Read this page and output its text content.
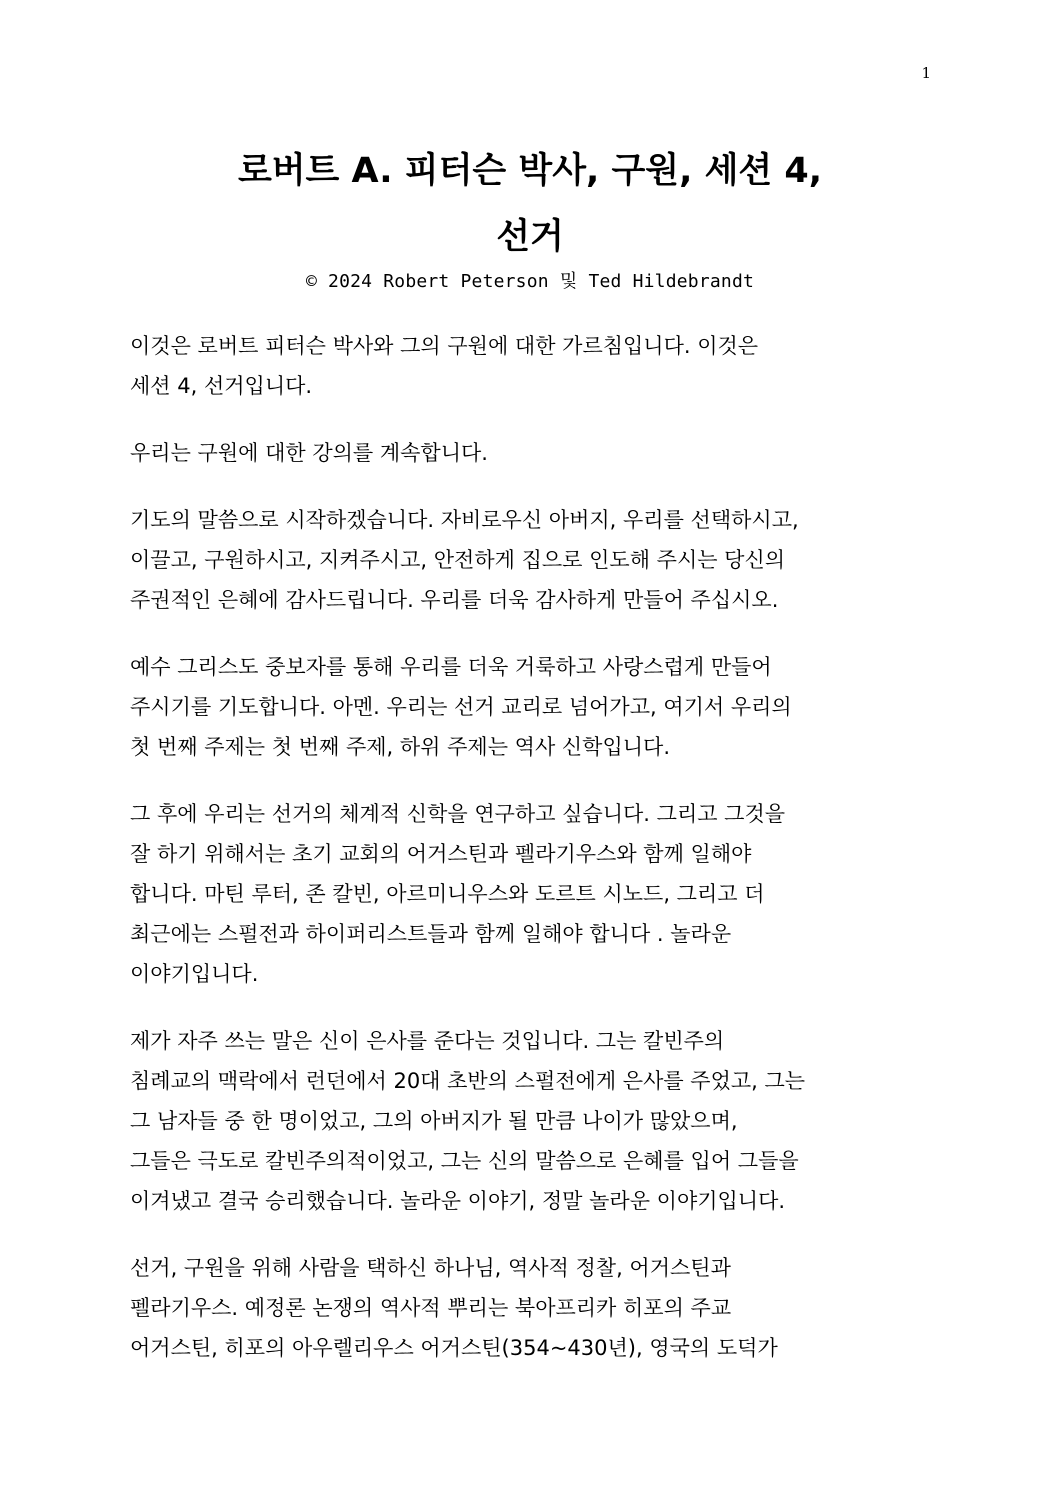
1
로버트 A. 피터슨 박사, 구원, 세션 4,
선거
© 2024 Robert Peterson 및 Ted Hildebrandt

이것은 로버트 피터슨 박사와 그의 구원에 대한 가르침입니다. 이것은
세션 4, 선거입니다.

우리는 구원에 대한 강의를 계속합니다.

기도의 말씀으로 시작하겠습니다. 자비로우신 아버지, 우리를 선택하시고,
이끌고, 구원하시고, 지켜주시고, 안전하게 집으로 인도해 주시는 당신의
주권적인 은혜에 감사드립니다. 우리를 더욱 감사하게 만들어 주십시오.

예수 그리스도 중보자를 통해 우리를 더욱 거룩하고 사랑스럽게 만들어
주시기를 기도합니다. 아멘. 우리는 선거 교리로 넘어가고, 여기서 우리의
첫 번째 주제는 첫 번째 주제, 하위 주제는 역사 신학입니다.

그 후에 우리는 선거의 체계적 신학을 연구하고 싶습니다. 그리고 그것을
잘 하기 위해서는 초기 교회의 어거스틴과 펠라기우스와 함께 일해야
합니다. 마틴 루터, 존 칼빈, 아르미니우스와 도르트 시노드, 그리고 더
최근에는 스펄전과 하이퍼리스트들과 함께 일해야 합니다 . 놀라운
이야기입니다.

제가 자주 쓰는 말은 신이 은사를 준다는 것입니다. 그는 칼빈주의
침례교의 맥락에서 런던에서 20대 초반의 스펄전에게 은사를 주었고, 그는
그 남자들 중 한 명이었고, 그의 아버지가 될 만큼 나이가 많았으며,
그들은 극도로 칼빈주의적이었고, 그는 신의 말씀으로 은혜를 입어 그들을
이겨냈고 결국 승리했습니다. 놀라운 이야기, 정말 놀라운 이야기입니다.

선거, 구원을 위해 사람을 택하신 하나님, 역사적 정찰, 어거스틴과
펠라기우스. 예정론 논쟁의 역사적 뿌리는 북아프리카 히포의 주교
어거스틴, 히포의 아우렐리우스 어거스틴(354~430년), 영국의 도덕가
